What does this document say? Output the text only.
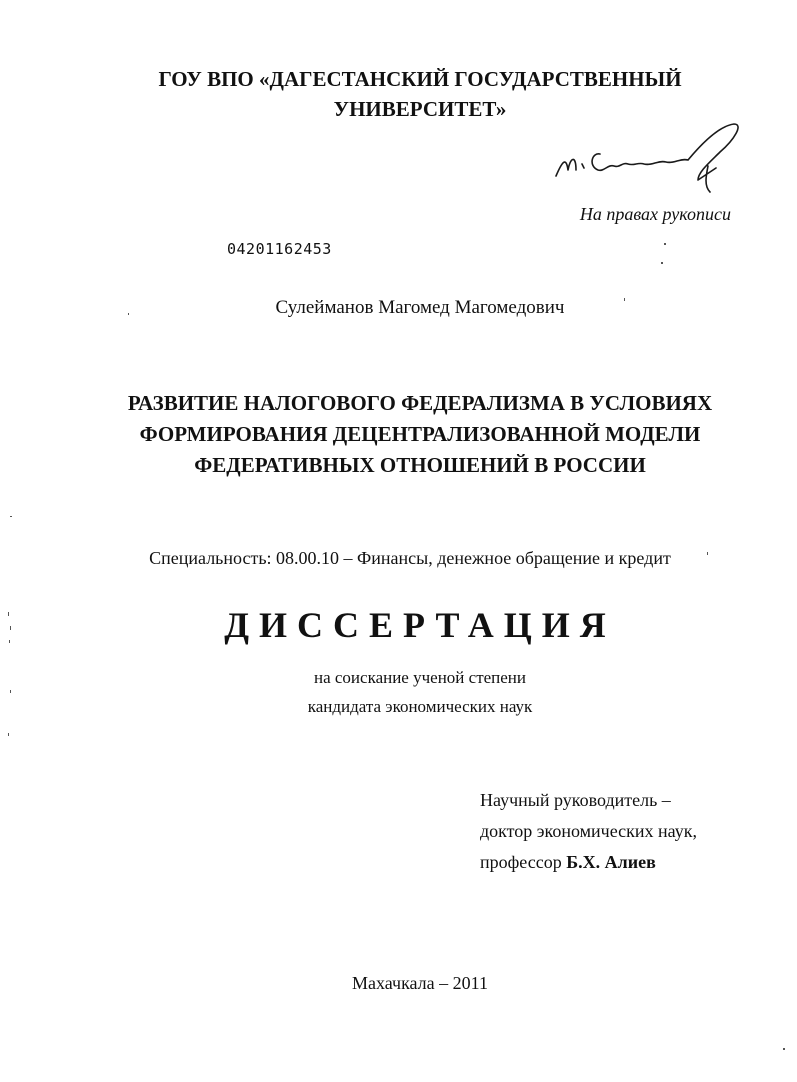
ГОУ ВПО «ДАГЕСТАНСКИЙ ГОСУДАРСТВЕННЫЙ
УНИВЕРСИТЕТ»
На правах рукописи
04201162453
Сулейманов Магомед Магомедович
РАЗВИТИЕ НАЛОГОВОГО ФЕДЕРАЛИЗМА В УСЛОВИЯХ
ФОРМИРОВАНИЯ ДЕЦЕНТРАЛИЗОВАННОЙ МОДЕЛИ
ФЕДЕРАТИВНЫХ ОТНОШЕНИЙ В РОССИИ
Специальность: 08.00.10 – Финансы, денежное обращение и кредит
ДИССЕРТАЦИЯ
на соискание ученой степени
кандидата экономических наук
Научный руководитель –
доктор экономических наук,
профессор Б.Х. Алиев
Махачкала – 2011
